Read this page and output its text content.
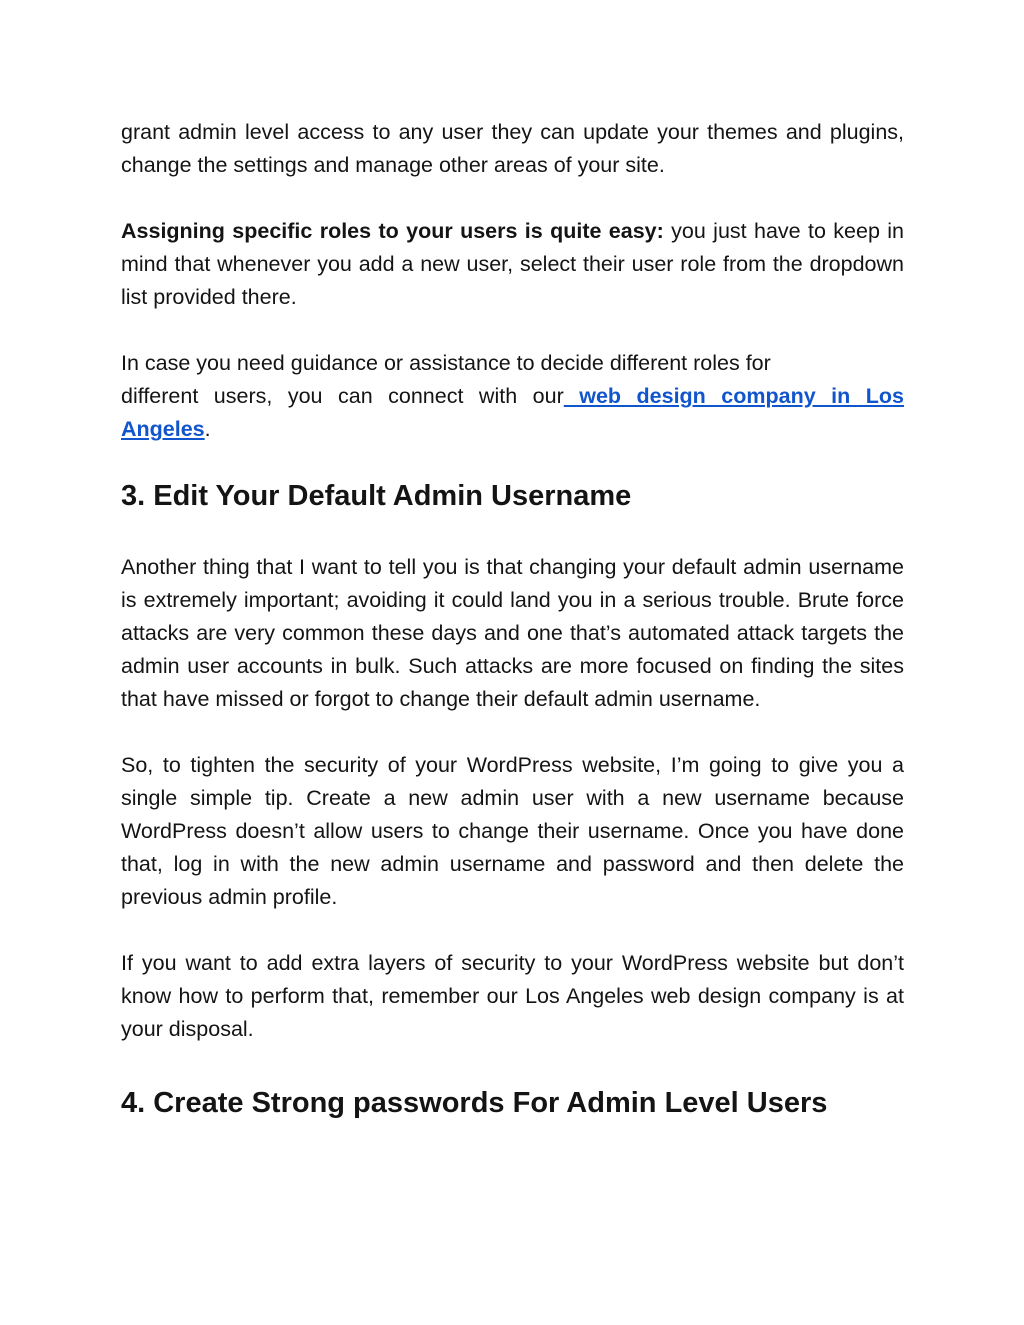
grant admin level access to any user they can update your themes and plugins, change the settings and manage other areas of your site.

Assigning specific roles to your users is quite easy: you just have to keep in mind that whenever you add a new user, select their user role from the dropdown list provided there.

In case you need guidance or assistance to decide different roles for
different users, you can connect with our web design company in Los
Angeles.

3. Edit Your Default Admin Username

Another thing that I want to tell you is that changing your default admin username is extremely important; avoiding it could land you in a serious trouble. Brute force attacks are very common these days and one that’s automated attack targets the admin user accounts in bulk. Such attacks are more focused on finding the sites that have missed or forgot to change their default admin username.

So, to tighten the security of your WordPress website, I’m going to give you a single simple tip. Create a new admin user with a new username because WordPress doesn’t allow users to change their username. Once you have done that, log in with the new admin username and password and then delete the previous admin profile.

If you want to add extra layers of security to your WordPress website but don’t know how to perform that, remember our Los Angeles web design company is at your disposal.

4. Create Strong passwords For Admin Level Users
